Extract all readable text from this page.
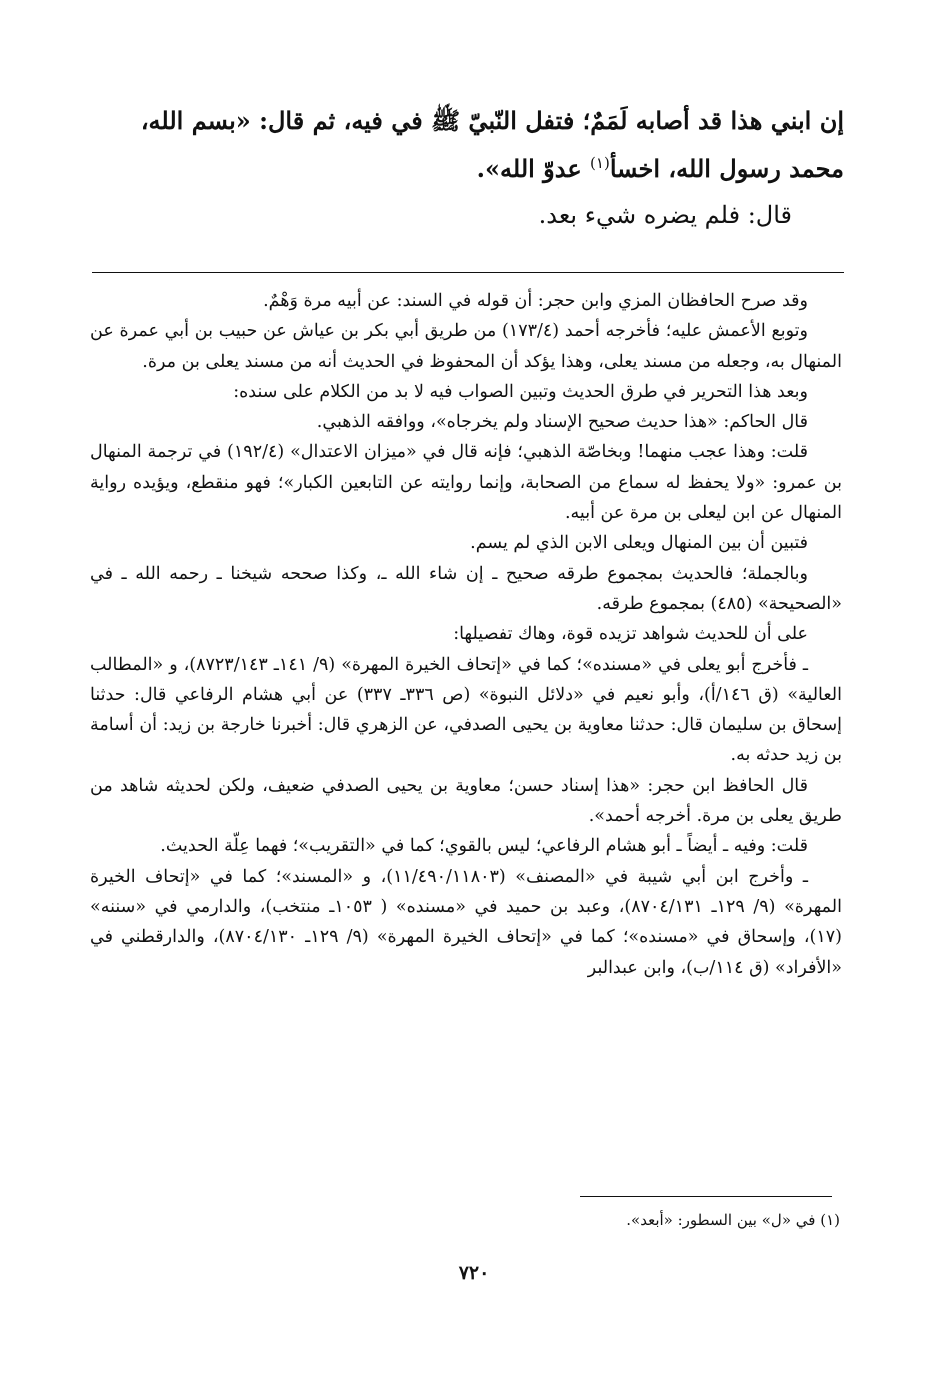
إن ابني هذا قد أصابه لَمَمٌ؛ فتفل النّبيّ ﷺ في فيه، ثم قال: «بسم الله،

محمد رسول الله، اخسأ$^{(١)}$ عدوّ الله».

قال: فلم يضره شيء بعد.

وقد صرح الحافظان المزي وابن حجر: أن قوله في السند: عن أبيه مرة وَهْمٌ.

وتوبع الأعمش عليه؛ فأخرجه أحمد (١٧٣/٤) من طريق أبي بكر بن عياش عن حبيب بن أبي عمرة عن المنهال به، وجعله من مسند يعلى، وهذا يؤكد أن المحفوظ في الحديث أنه من مسند يعلى بن مرة.

وبعد هذا التحرير في طرق الحديث وتبين الصواب فيه لا بد من الكلام على سنده:

قال الحاكم: «هذا حديث صحيح الإسناد ولم يخرجاه»، ووافقه الذهبي.

قلت: وهذا عجب منهما! وبخاصّة الذهبي؛ فإنه قال في «ميزان الاعتدال» (١٩٢/٤) في ترجمة المنهال بن عمرو: «ولا يحفظ له سماع من الصحابة، وإنما روايته عن التابعين الكبار»؛ فهو منقطع، ويؤيده رواية المنهال عن ابن ليعلى بن مرة عن أبيه.

فتبين أن بين المنهال ويعلى الابن الذي لم يسم.

وبالجملة؛ فالحديث بمجموع طرقه صحيح ـ إن شاء الله ـ، وكذا صححه شيخنا ـ رحمه الله ـ في «الصحيحة» (٤٨٥) بمجموع طرقه.

على أن للحديث شواهد تزيده قوة، وهاك تفصيلها:

ـ فأخرج أبو يعلى في «مسنده»؛ كما في «إتحاف الخيرة المهرة» (٩/ ١٤١ـ ٨٧٢٣/١٤٣)، و «المطالب العالية» (ق ١٤٦/أ)، وأبو نعيم في «دلائل النبوة» (ص ٣٣٦ـ ٣٣٧) عن أبي هشام الرفاعي قال: حدثنا إسحاق بن سليمان قال: حدثنا معاوية بن يحيى الصدفي، عن الزهري قال: أخبرنا خارجة بن زيد: أن أسامة بن زيد حدثه به.

قال الحافظ ابن حجر: «هذا إسناد حسن؛ معاوية بن يحيى الصدفي ضعيف، ولكن لحديثه شاهد من طريق يعلى بن مرة. أخرجه أحمد».

قلت: وفيه ـ أيضاً ـ أبو هشام الرفاعي؛ ليس بالقوي؛ كما في «التقريب»؛ فهما عِلّة الحديث.

ـ وأخرج ابن أبي شيبة في «المصنف» (١١/٤٩٠/١١٨٠٣)، و «المسند»؛ كما في «إتحاف الخيرة المهرة» (٩/ ١٢٩ـ ٨٧٠٤/١٣١)، وعبد بن حميد في «مسنده» ( ١٠٥٣ـ منتخب)، والدارمي في «سننه» (١٧)، وإسحاق في «مسنده»؛ كما في «إتحاف الخيرة المهرة» (٩/ ١٢٩ـ ٨٧٠٤/١٣٠)، والدارقطني في «الأفراد» (ق ١١٤/ب)، وابن عبدالبر

(١) في «ل» بين السطور: «أبعد».
٧٢٠
